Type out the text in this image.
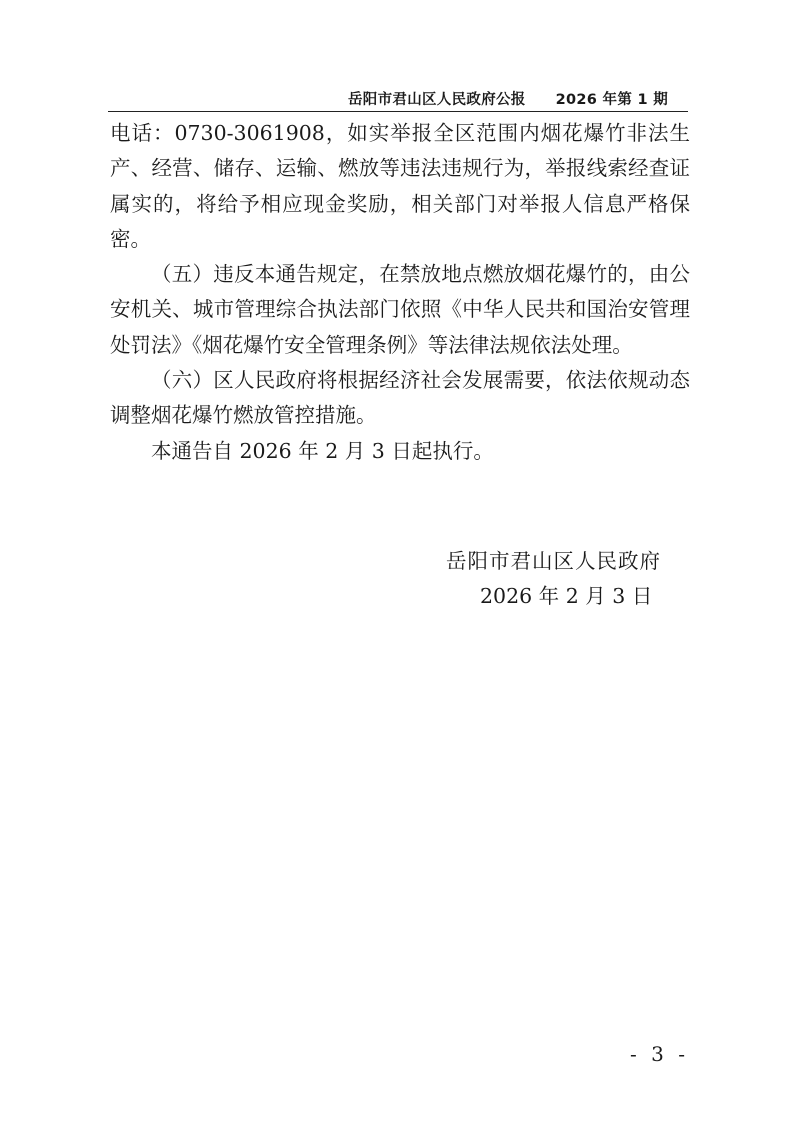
岳阳市君山区人民政府公报 2026 年第 1 期

电话：0730-3061908，如实举报全区范围内烟花爆竹非法生产、经营、储存、运输、燃放等违法违规行为，举报线索经查证属实的，将给予相应现金奖励，相关部门对举报人信息严格保密。

（五）违反本通告规定，在禁放地点燃放烟花爆竹的，由公安机关、城市管理综合执法部门依照《中华人民共和国治安管理处罚法》《烟花爆竹安全管理条例》等法律法规依法处理。

（六）区人民政府将根据经济社会发展需要，依法依规动态调整烟花爆竹燃放管控措施。

本通告自 2026 年 2 月 3 日起执行。

岳阳市君山区人民政府
2026 年 2 月 3 日
- 3 -
